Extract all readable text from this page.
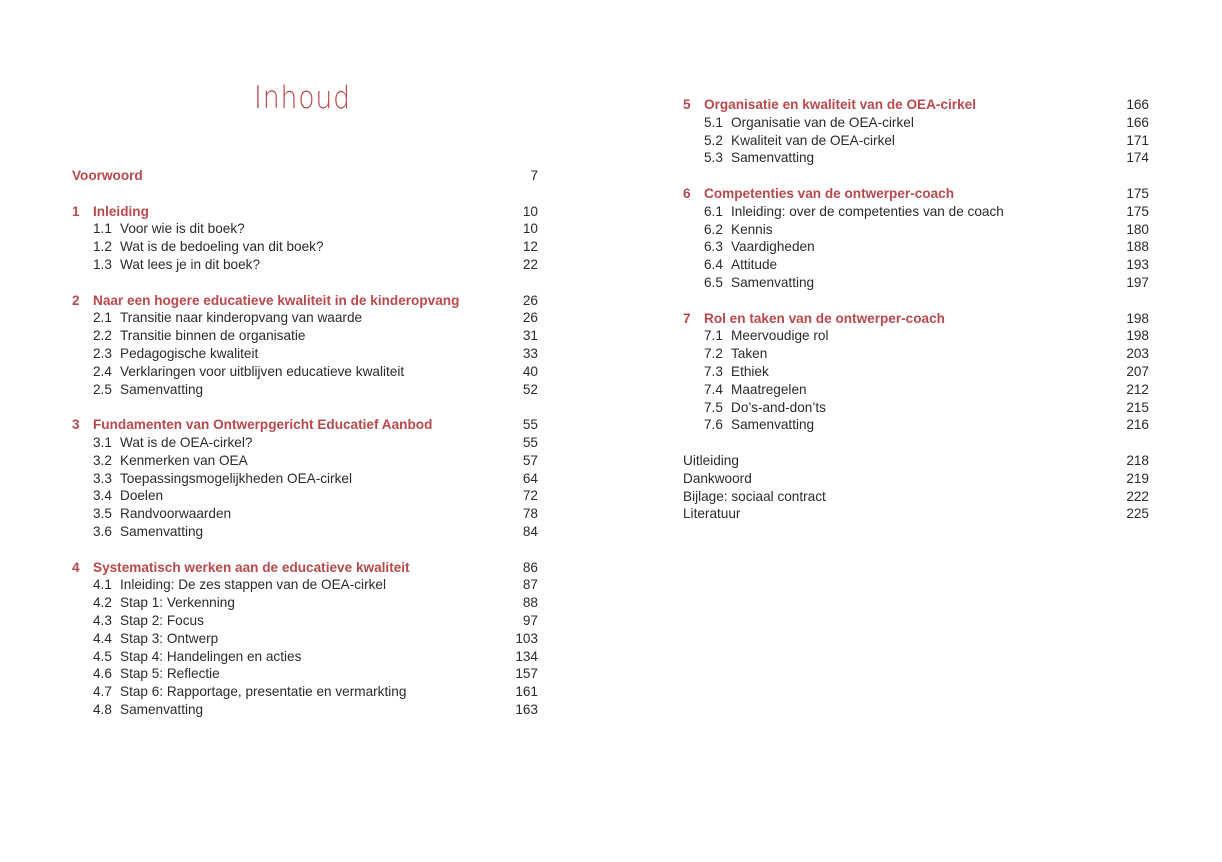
Inhoud
Voorwoord	7
1 Inleiding	10
1.1 Voor wie is dit boek?	10
1.2 Wat is de bedoeling van dit boek?	12
1.3 Wat lees je in dit boek?	22
2 Naar een hogere educatieve kwaliteit in de kinderopvang	26
2.1 Transitie naar kinderopvang van waarde	26
2.2 Transitie binnen de organisatie	31
2.3 Pedagogische kwaliteit	33
2.4 Verklaringen voor uitblijven educatieve kwaliteit	40
2.5 Samenvatting	52
3 Fundamenten van Ontwerpgericht Educatief Aanbod	55
3.1 Wat is de OEA-cirkel?	55
3.2 Kenmerken van OEA	57
3.3 Toepassingsmogelijkheden OEA-cirkel	64
3.4 Doelen	72
3.5 Randvoorwaarden	78
3.6 Samenvatting	84
4 Systematisch werken aan de educatieve kwaliteit	86
4.1 Inleiding: De zes stappen van de OEA-cirkel	87
4.2 Stap 1: Verkenning	88
4.3 Stap 2: Focus	97
4.4 Stap 3: Ontwerp	103
4.5 Stap 4: Handelingen en acties	134
4.6 Stap 5: Reflectie	157
4.7 Stap 6: Rapportage, presentatie en vermarkting	161
4.8 Samenvatting	163
5 Organisatie en kwaliteit van de OEA-cirkel	166
5.1 Organisatie van de OEA-cirkel	166
5.2 Kwaliteit van de OEA-cirkel	171
5.3 Samenvatting	174
6 Competenties van de ontwerper-coach	175
6.1 Inleiding: over de competenties van de coach	175
6.2 Kennis	180
6.3 Vaardigheden	188
6.4 Attitude	193
6.5 Samenvatting	197
7 Rol en taken van de ontwerper-coach	198
7.1 Meervoudige rol	198
7.2 Taken	203
7.3 Ethiek	207
7.4 Maatregelen	212
7.5 Do’s-and-don’ts	215
7.6 Samenvatting	216
Uitleiding	218
Dankwoord	219
Bijlage: sociaal contract	222
Literatuur	225
